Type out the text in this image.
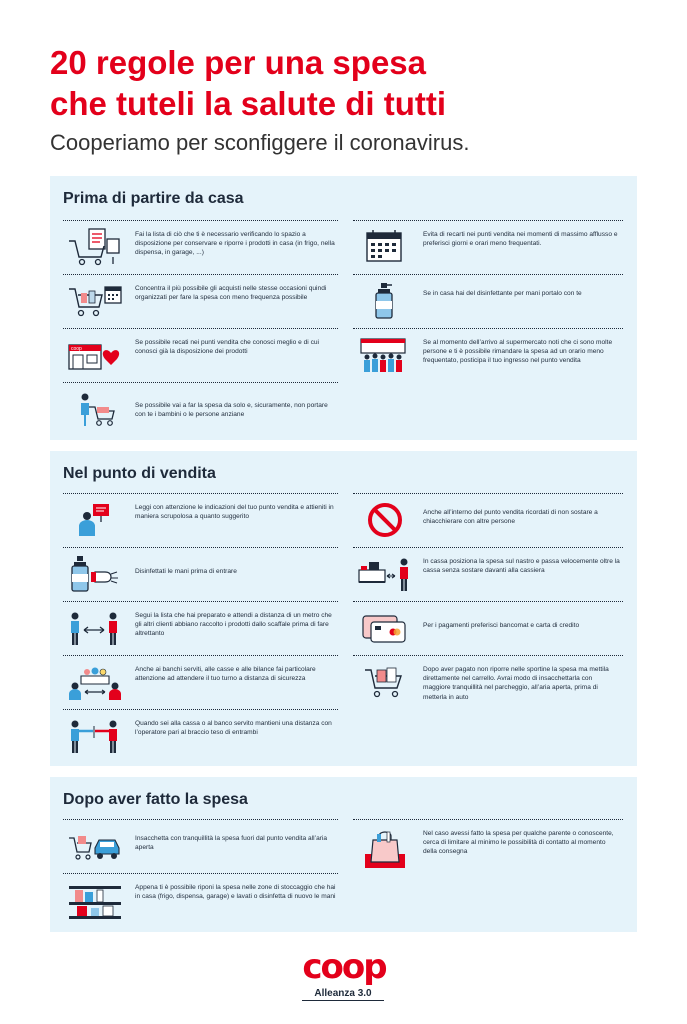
20 regole per una spesa
che tuteli la salute di tutti

Cooperiamo per sconfiggere il coronavirus.

Prima di partire da casa
Fai la lista di ciò che ti è necessario verificando lo spazio a disposizione per conservare e riporre i prodotti in casa (in frigo, nella dispensa, in garage, ...)
Concentra il più possibile gli acquisti nelle stesse occasioni quindi organizzati per fare la spesa con meno frequenza possibile
coop
Se possibile recati nei punti vendita che conosci meglio e di cui conosci già la disposizione dei prodotti
Se possibile vai a far la spesa da solo e, sicuramente, non portare con te i bambini o le persone anziane
Evita di recarti nei punti vendita nei momenti di massimo afflusso e preferisci giorni e orari meno frequentati.
Se in casa hai del disinfettante per mani portalo con te
Se al momento dell’arrivo al supermercato noti che ci sono molte persone e ti è possibile rimandare la spesa ad un orario meno frequentato, posticipa il tuo ingresso nel punto vendita
Nel punto di vendita
Leggi con attenzione le indicazioni del tuo punto vendita e attieniti in maniera scrupolosa a quanto suggerito
Disinfettati le mani prima di entrare
Segui la lista che hai preparato e attendi a distanza di un metro che gli altri clienti abbiano raccolto i prodotti dallo scaffale prima di fare altrettanto
Anche ai banchi serviti, alle casse e alle bilance fai particolare attenzione ad attendere il tuo turno a distanza di sicurezza
Quando sei alla cassa o al banco servito mantieni una distanza con l’operatore pari al braccio teso di entrambi
Anche all’interno del punto vendita ricordati di non sostare a chiacchierare con altre persone
In cassa posiziona la spesa sul nastro e passa velocemente oltre la cassa senza sostare davanti alla cassiera
Per i pagamenti preferisci bancomat e carta di credito
Dopo aver pagato non riporre nelle sportine la spesa ma mettila direttamente nel carrello. Avrai modo di insacchettarla con maggiore tranquillità nel parcheggio, all’aria aperta, prima di metterla in auto
Dopo aver fatto la spesa
Insacchetta con tranquillità la spesa fuori dal punto vendita all’aria aperta
Appena ti è possibile riponi la spesa nelle zone di stoccaggio che hai in casa (frigo, dispensa, garage) e lavati o disinfetta di nuovo le mani
Nel caso avessi fatto la spesa per qualche parente o conoscente, cerca di limitare al minimo le possibilità di contatto al momento della consegna
coop
Alleanza 3.0
